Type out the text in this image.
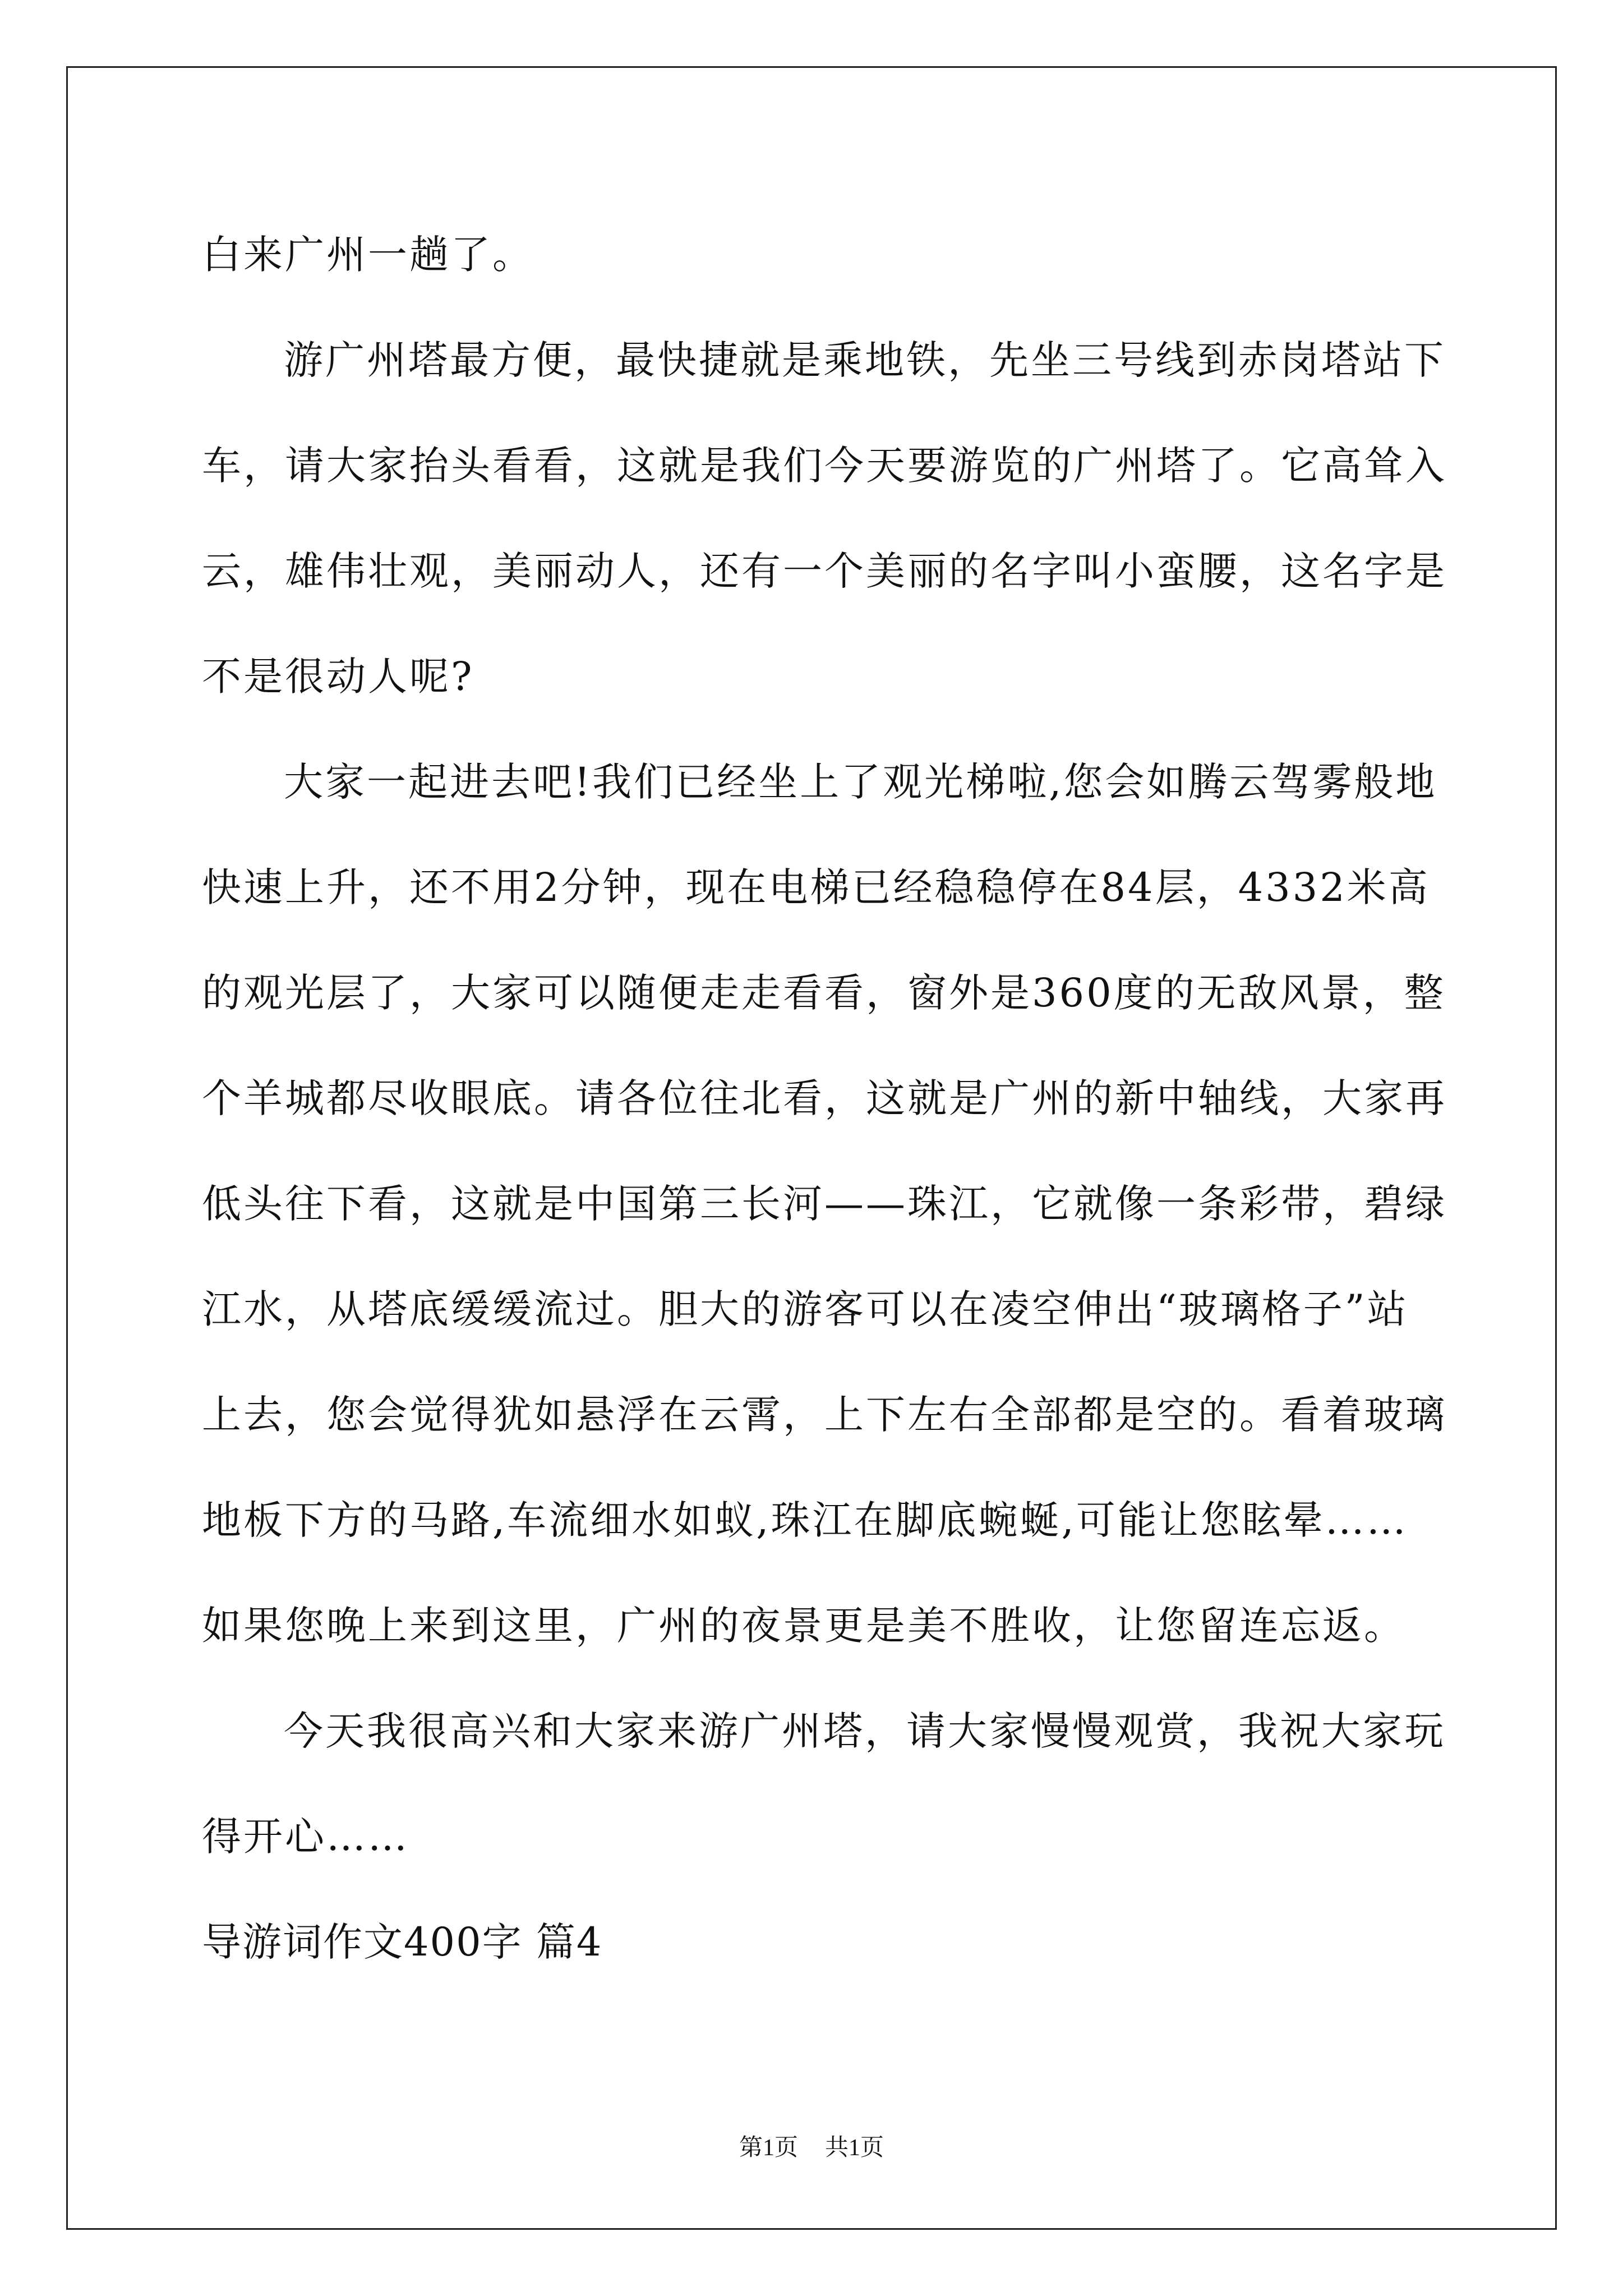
白来广州一趟了。
游广州塔最方便，最快捷就是乘地铁，先坐三号线到赤岗塔站下
车，请大家抬头看看，这就是我们今天要游览的广州塔了。它高耸入
云，雄伟壮观，美丽动人，还有一个美丽的名字叫小蛮腰，这名字是
不是很动人呢?
大家一起进去吧!我们已经坐上了观光梯啦,您会如腾云驾雾般地
快速上升，还不用2分钟，现在电梯已经稳稳停在84层，4332米高
的观光层了，大家可以随便走走看看，窗外是360度的无敌风景，整
个羊城都尽收眼底。请各位往北看，这就是广州的新中轴线，大家再
低头往下看，这就是中国第三长河——珠江，它就像一条彩带，碧绿
江水，从塔底缓缓流过。胆大的游客可以在凌空伸出“玻璃格子”站
上去，您会觉得犹如悬浮在云霄，上下左右全部都是空的。看着玻璃
地板下方的马路,车流细水如蚁,珠江在脚底蜿蜒,可能让您眩晕……
如果您晚上来到这里，广州的夜景更是美不胜收，让您留连忘返。
今天我很高兴和大家来游广州塔，请大家慢慢观赏，我祝大家玩
得开心……
导游词作文400字 篇4
第1页 共1页
